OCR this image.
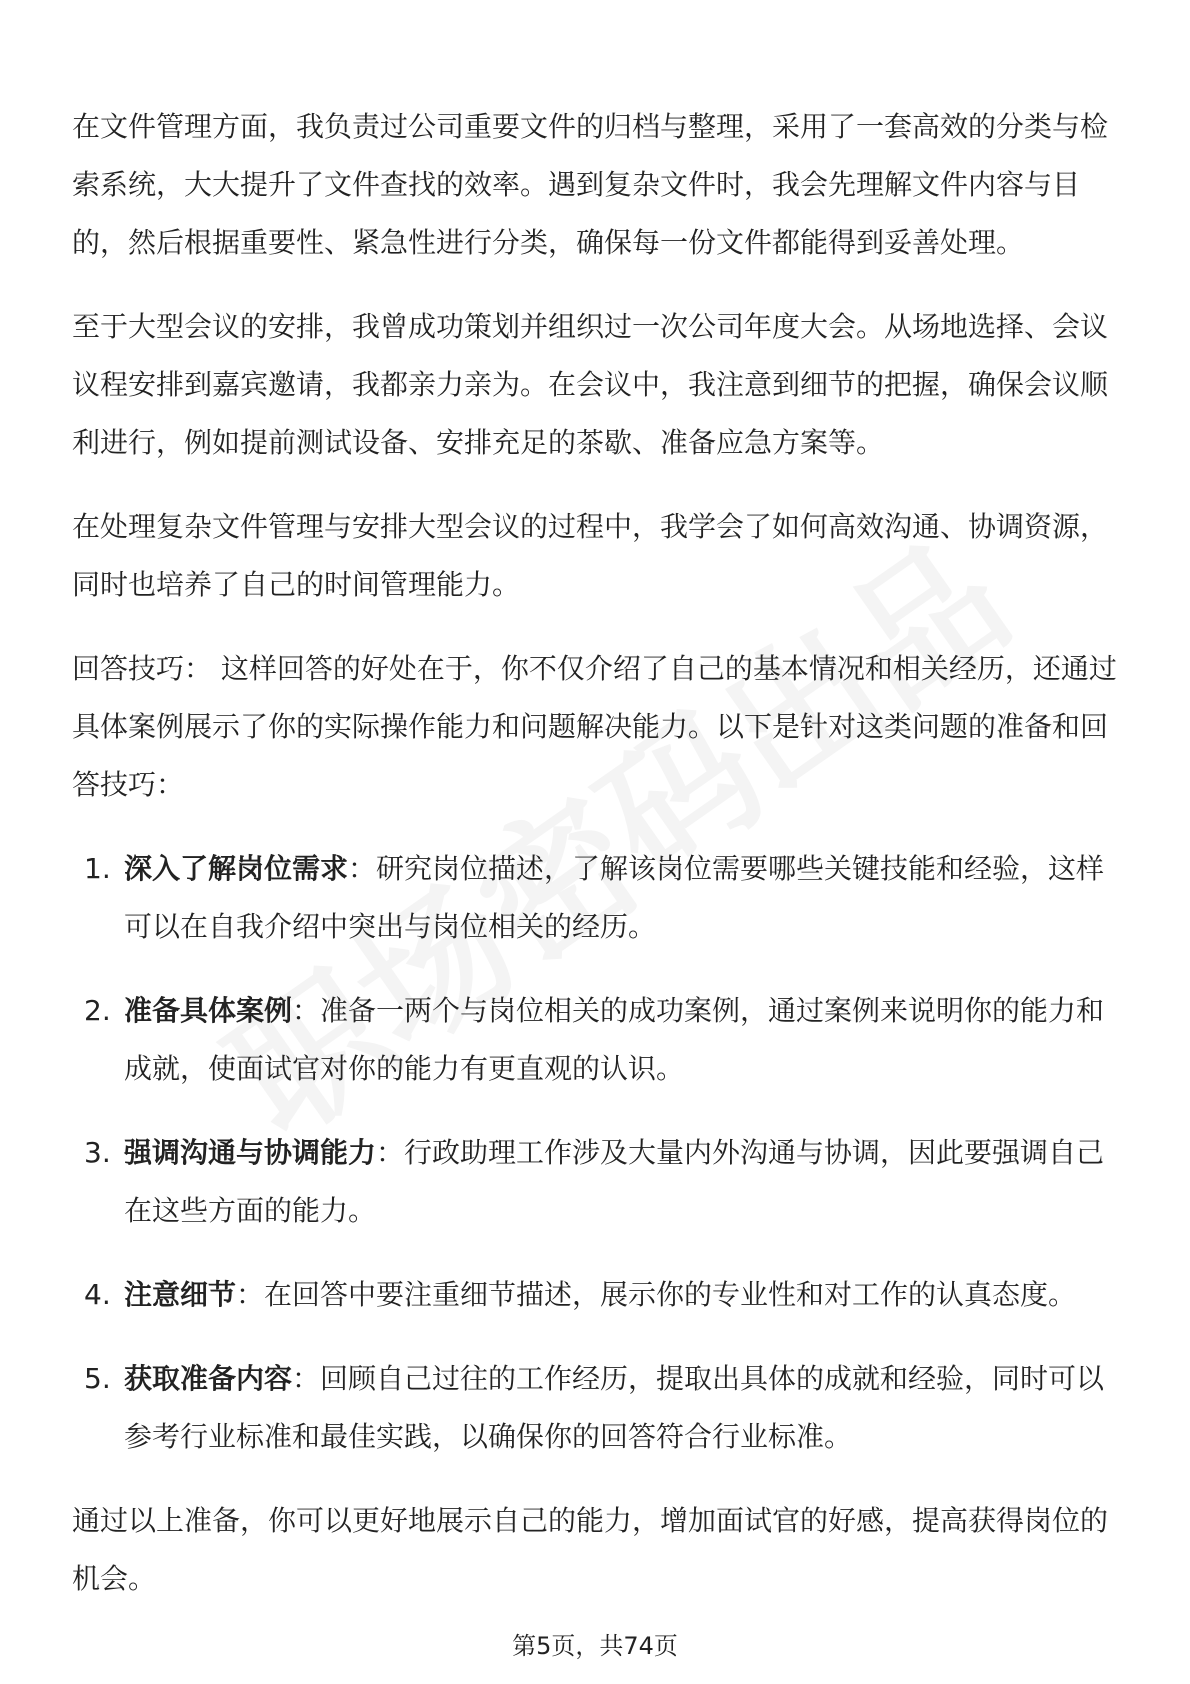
在文件管理方面，我负责过公司重要文件的归档与整理，采用了一套高效的分类与检索系统，大大提升了文件查找的效率。遇到复杂文件时，我会先理解文件内容与目的，然后根据重要性、紧急性进行分类，确保每一份文件都能得到妥善处理。

至于大型会议的安排，我曾成功策划并组织过一次公司年度大会。从场地选择、会议议程安排到嘉宾邀请，我都亲力亲为。在会议中，我注意到细节的把握，确保会议顺利进行，例如提前测试设备、安排充足的茶歇、准备应急方案等。

在处理复杂文件管理与安排大型会议的过程中，我学会了如何高效沟通、协调资源，同时也培养了自己的时间管理能力。

回答技巧： 这样回答的好处在于，你不仅介绍了自己的基本情况和相关经历，还通过具体案例展示了你的实际操作能力和问题解决能力。以下是针对这类问题的准备和回答技巧：

1. 深入了解岗位需求：研究岗位描述，了解该岗位需要哪些关键技能和经验，这样可以在自我介绍中突出与岗位相关的经历。
2. 准备具体案例：准备一两个与岗位相关的成功案例，通过案例来说明你的能力和成就，使面试官对你的能力有更直观的认识。
3. 强调沟通与协调能力：行政助理工作涉及大量内外沟通与协调，因此要强调自己在这些方面的能力。
4. 注意细节：在回答中要注重细节描述，展示你的专业性和对工作的认真态度。
5. 获取准备内容：回顾自己过往的工作经历，提取出具体的成就和经验，同时可以参考行业标准和最佳实践，以确保你的回答符合行业标准。

通过以上准备，你可以更好地展示自己的能力，增加面试官的好感，提高获得岗位的机会。

第5页，共74页
